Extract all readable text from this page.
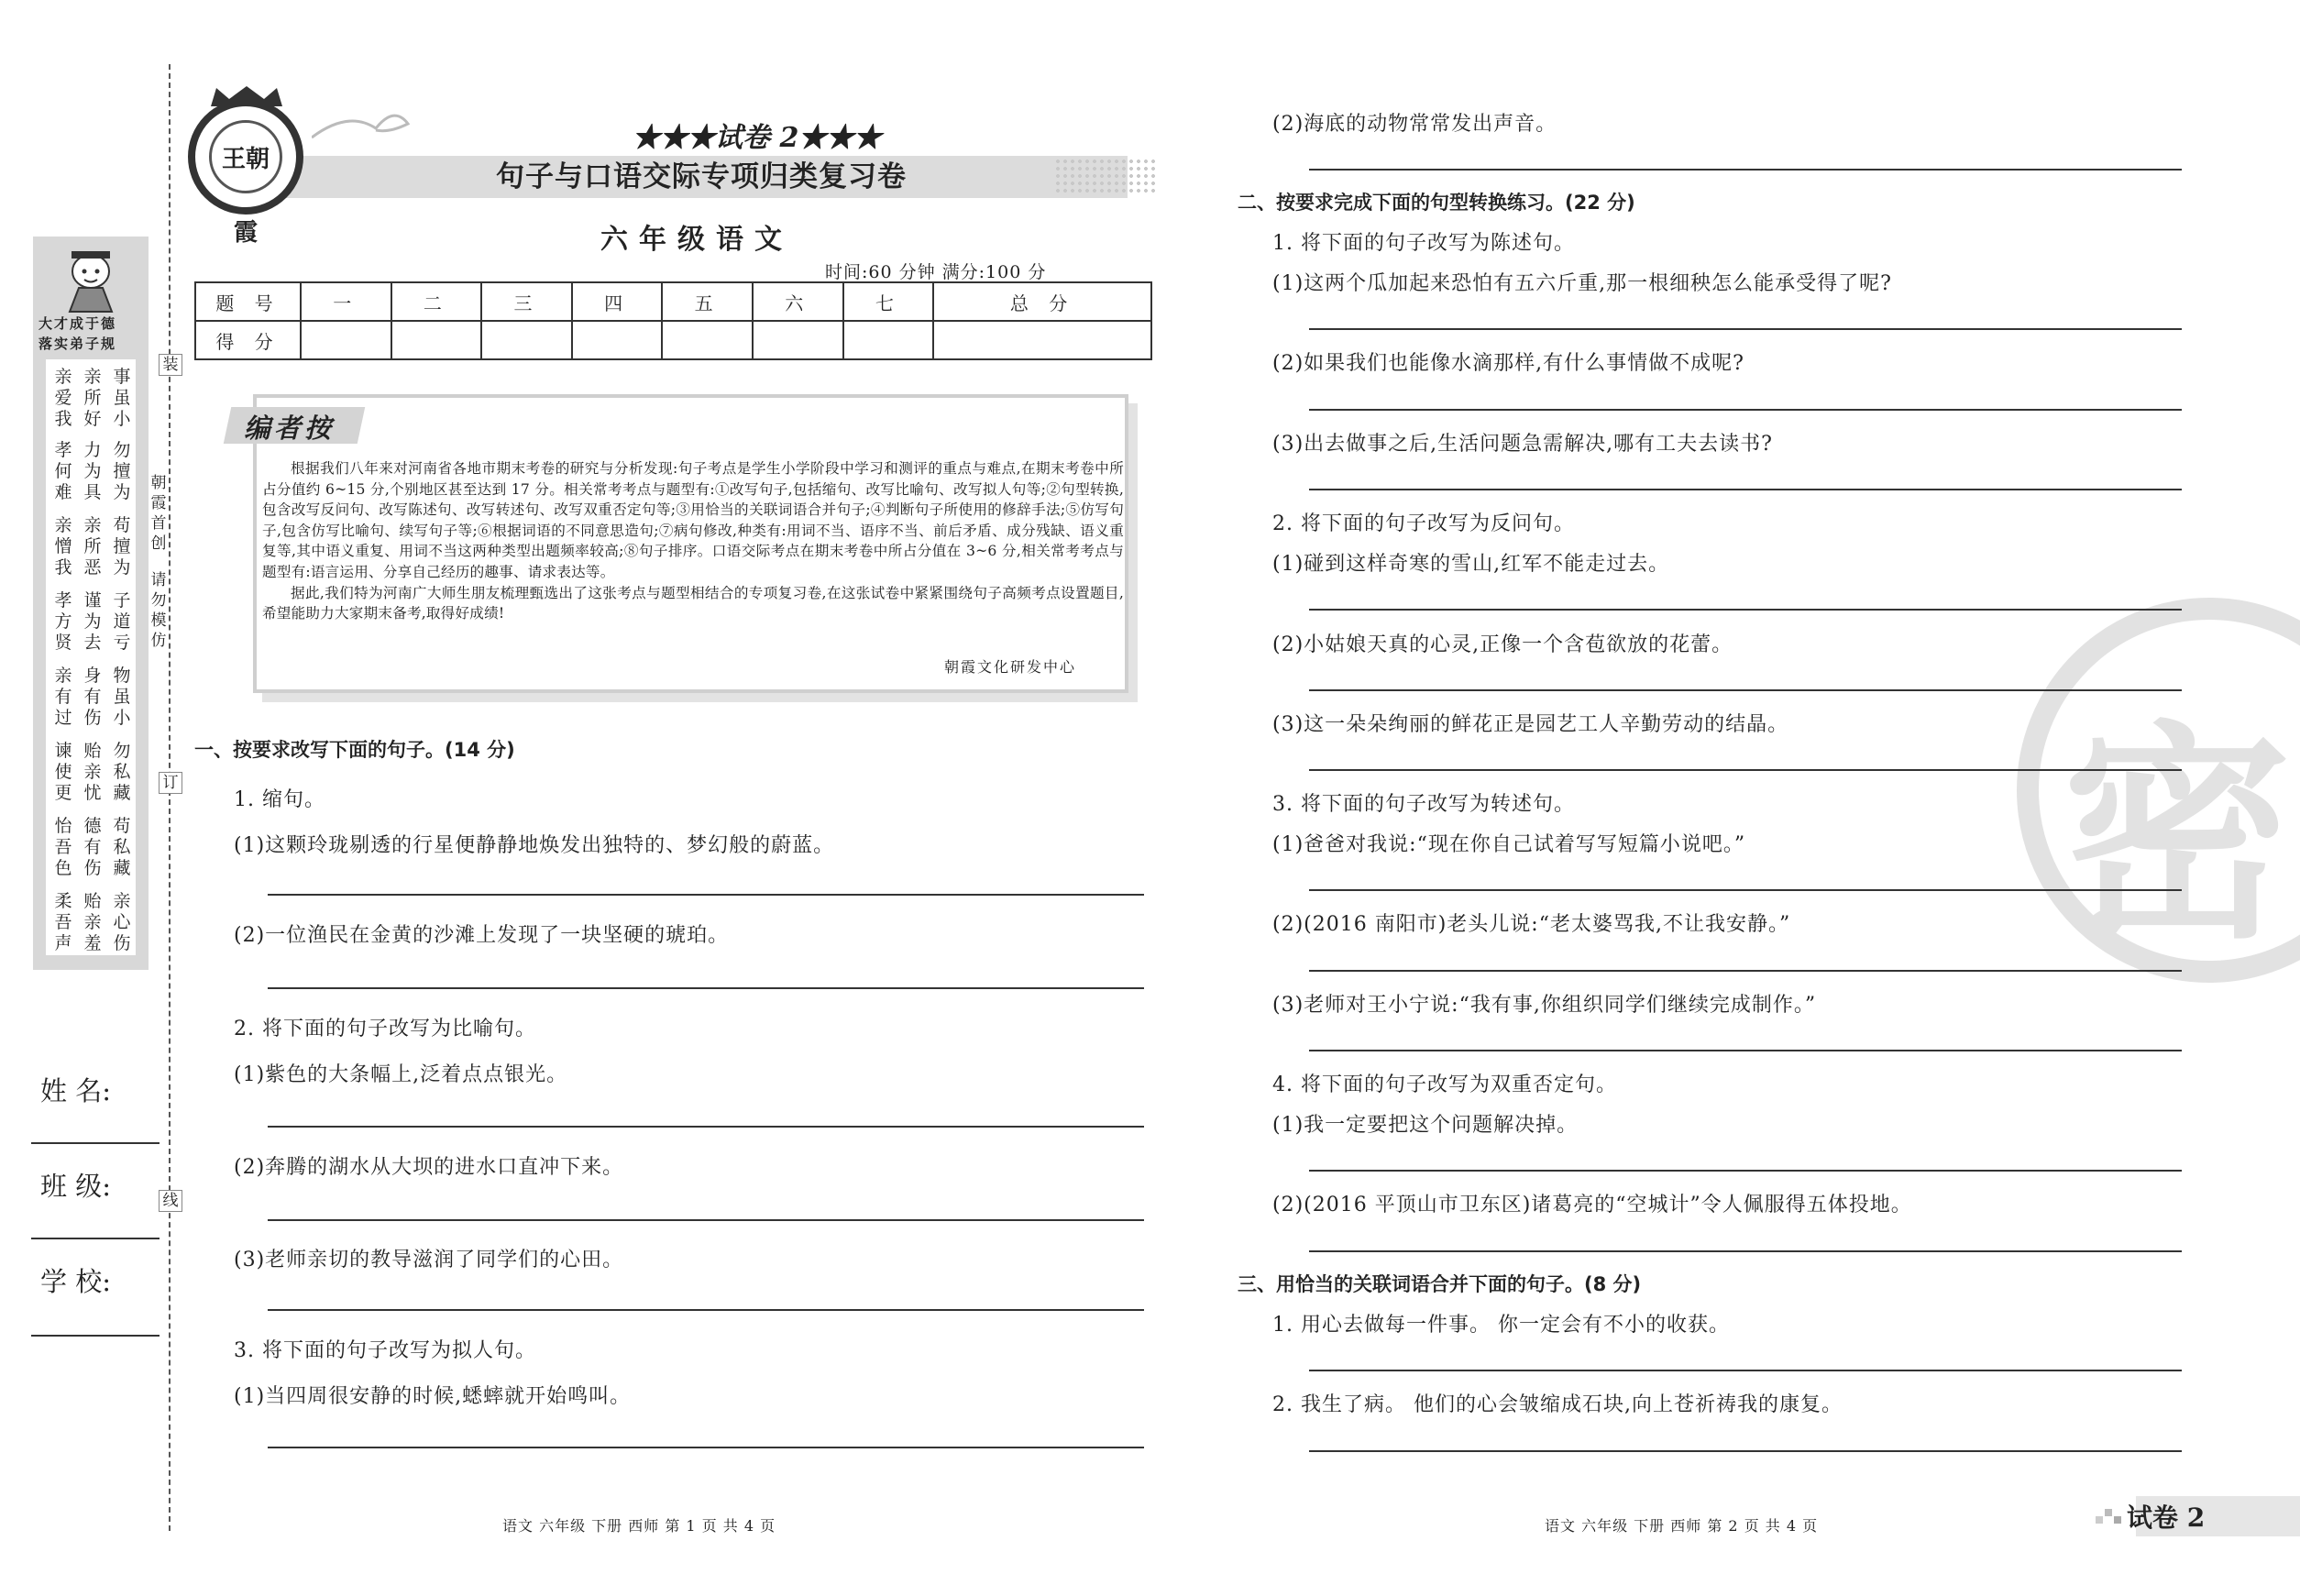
大才成于德
落实弟子规
亲爱我
亲所好
事虽小
孝何难
力为具
勿擅为
亲憎我
亲所恶
苟擅为
孝方贤
谨为去
子道亏
亲有过
身有伤
物虽小
谏使更
贻亲忧
勿私藏
怡吾色
德有伤
苟私藏
柔吾声
贻亲羞
亲心伤
装
订
线
朝霞首创
请勿模仿
姓 名:
班 级:
学 校:
王朝霞
★★★试卷 2★★★
句子与口语交际专项归类复习卷
六年级语文
时间:60 分钟 满分:100 分
题 号	一	二	三	四	五	六	七	总 分
得 分								
编者按

根据我们八年来对河南省各地市期末考卷的研究与分析发现:句子考点是学生小学阶段中学习和测评的重点与难点,在期末考卷中所占分值约 6~15 分,个别地区甚至达到 17 分。相关常考考点与题型有:①改写句子,包括缩句、改写比喻句、改写拟人句等;②句型转换,包含改写反问句、改写陈述句、改写转述句、改写双重否定句等;③用恰当的关联词语合并句子;④判断句子所使用的修辞手法;⑤仿写句子,包含仿写比喻句、续写句子等;⑥根据词语的不同意思造句;⑦病句修改,种类有:用词不当、语序不当、前后矛盾、成分残缺、语义重复等,其中语义重复、用词不当这两种类型出题频率较高;⑧句子排序。口语交际考点在期末考卷中所占分值在 3~6 分,相关常考考点与题型有:语言运用、分享自己经历的趣事、请求表达等。

据此,我们特为河南广大师生朋友梳理甄选出了这张考点与题型相结合的专项复习卷,在这张试卷中紧紧围绕句子高频考点设置题目,希望能助力大家期末备考,取得好成绩!

朝霞文化研发中心
一、按要求改写下面的句子。(14 分)
1. 缩句。
(1)这颗玲珑剔透的行星便静静地焕发出独特的、梦幻般的蔚蓝。
(2)一位渔民在金黄的沙滩上发现了一块坚硬的琥珀。
2. 将下面的句子改写为比喻句。
(1)紫色的大条幅上,泛着点点银光。
(2)奔腾的湖水从大坝的进水口直冲下来。
(3)老师亲切的教导滋润了同学们的心田。
3. 将下面的句子改写为拟人句。
(1)当四周很安静的时候,蟋蟀就开始鸣叫。
语文 六年级 下册 西师 第 1 页 共 4 页
密
(2)海底的动物常常发出声音。
二、按要求完成下面的句型转换练习。(22 分)
1. 将下面的句子改写为陈述句。
(1)这两个瓜加起来恐怕有五六斤重,那一根细秧怎么能承受得了呢?
(2)如果我们也能像水滴那样,有什么事情做不成呢?
(3)出去做事之后,生活问题急需解决,哪有工夫去读书?
2. 将下面的句子改写为反问句。
(1)碰到这样奇寒的雪山,红军不能走过去。
(2)小姑娘天真的心灵,正像一个含苞欲放的花蕾。
(3)这一朵朵绚丽的鲜花正是园艺工人辛勤劳动的结晶。
3. 将下面的句子改写为转述句。
(1)爸爸对我说:“现在你自己试着写写短篇小说吧。”
(2)(2016 南阳市)老头儿说:“老太婆骂我,不让我安静。”
(3)老师对王小宁说:“我有事,你组织同学们继续完成制作。”
4. 将下面的句子改写为双重否定句。
(1)我一定要把这个问题解决掉。
(2)(2016 平顶山市卫东区)诸葛亮的“空城计”令人佩服得五体投地。
三、用恰当的关联词语合并下面的句子。(8 分)
1. 用心去做每一件事。 你一定会有不小的收获。
2. 我生了病。 他们的心会皱缩成石块,向上苍祈祷我的康复。
语文 六年级 下册 西师 第 2 页 共 4 页	试卷 2
